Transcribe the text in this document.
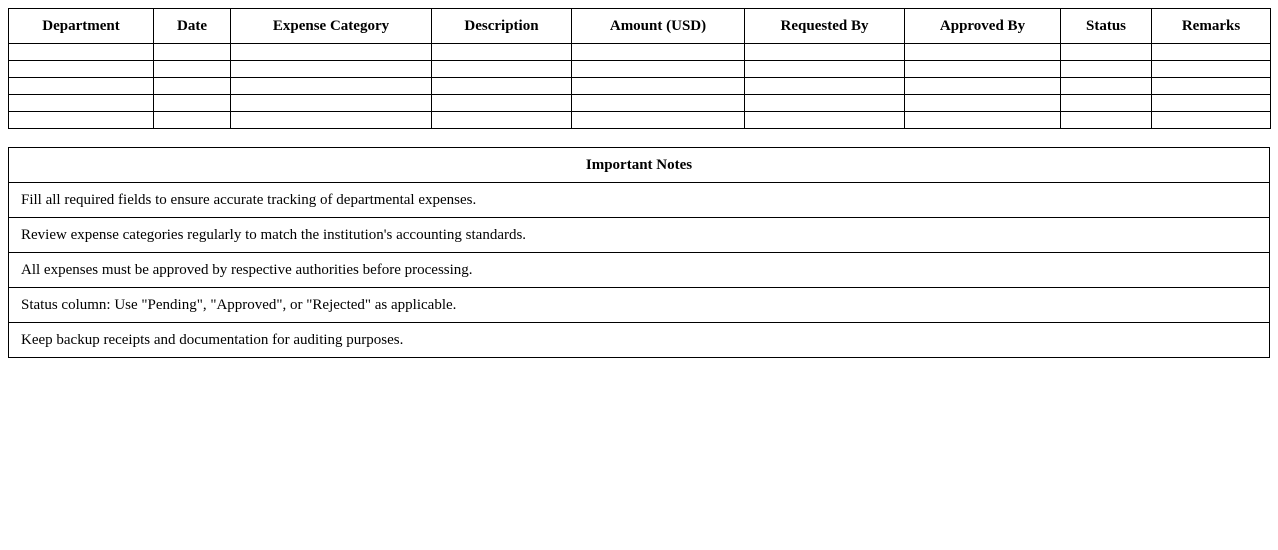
Department	Date	Expense Category	Description	Amount (USD)	Requested By	Approved By	Status	Remarks

Important Notes
Fill all required fields to ensure accurate tracking of departmental expenses.
Review expense categories regularly to match the institution's accounting standards.
All expenses must be approved by respective authorities before processing.
Status column: Use "Pending", "Approved", or "Rejected" as applicable.
Keep backup receipts and documentation for auditing purposes.
